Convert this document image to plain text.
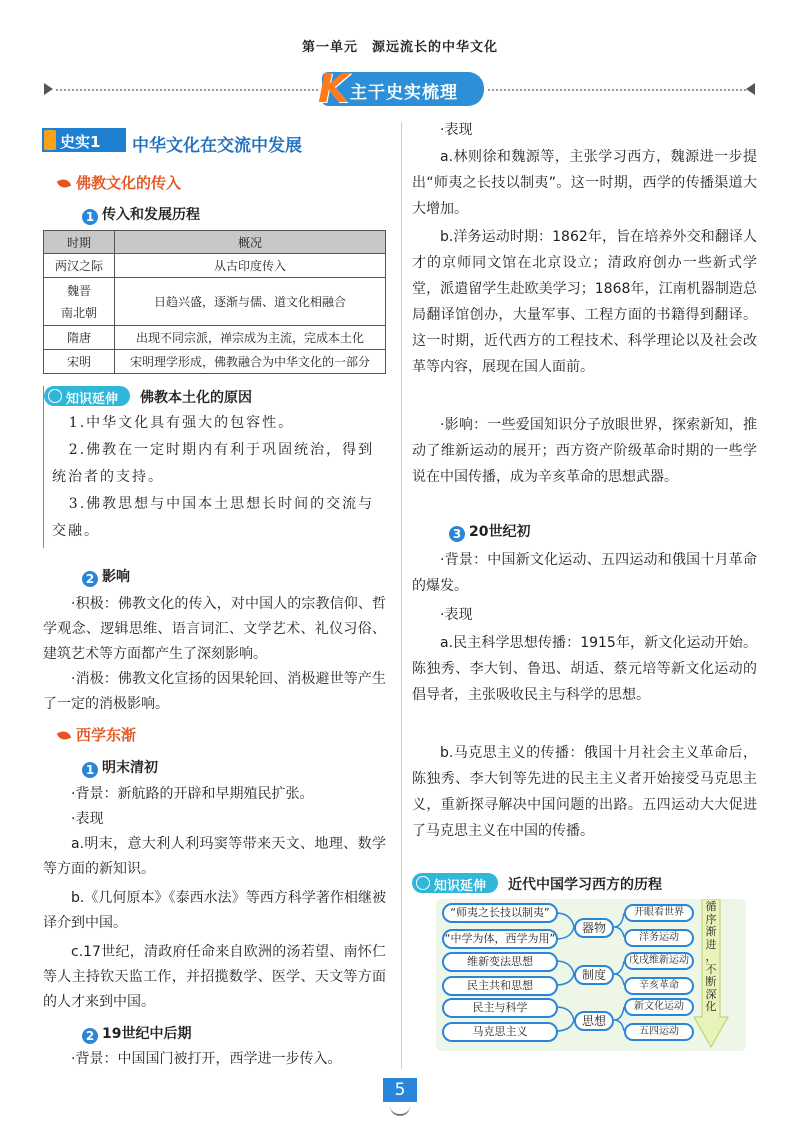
第一单元　源远流长的中华文化
K 主干史实梳理
史实1 中华文化在交流中发展
佛教文化的传入
1 传入和发展历程
时期	概况
两汉之际	从古印度传入
魏晋
南北朝	日趋兴盛，逐渐与儒、道文化相融合
隋唐	出现不同宗派，禅宗成为主流，完成本土化
宋明	宋明理学形成，佛教融合为中华文化的一部分
知识延伸 佛教本土化的原因
1.中华文化具有强大的包容性。
2.佛教在一定时期内有利于巩固统治，得到统治者的支持。
3.佛教思想与中国本土思想长时间的交流与交融。
2 影响
·积极：佛教文化的传入，对中国人的宗教信仰、哲学观念、逻辑思维、语言词汇、文学艺术、礼仪习俗、建筑艺术等方面都产生了深刻影响。
·消极：佛教文化宣扬的因果轮回、消极避世等产生了一定的消极影响。
西学东渐
1 明末清初
·背景：新航路的开辟和早期殖民扩张。
·表现
a.明末，意大利人利玛窦等带来天文、地理、数学等方面的新知识。
b.《几何原本》《泰西水法》等西方科学著作相继被译介到中国。
c.17世纪，清政府任命来自欧洲的汤若望、南怀仁等人主持钦天监工作，并招揽数学、医学、天文等方面的人才来到中国。
2 19世纪中后期
·背景：中国国门被打开，西学进一步传入。
·表现
a.林则徐和魏源等，主张学习西方，魏源进一步提出“师夷之长技以制夷”。这一时期，西学的传播渠道大大增加。
b.洋务运动时期：1862年，旨在培养外交和翻译人才的京师同文馆在北京设立；清政府创办一些新式学堂，派遣留学生赴欧美学习；1868年，江南机器制造总局翻译馆创办，大量军事、工程方面的书籍得到翻译。这一时期，近代西方的工程技术、科学理论以及社会改革等内容，展现在国人面前。
·影响：一些爱国知识分子放眼世界，探索新知，推动了维新运动的展开；西方资产阶级革命时期的一些学说在中国传播，成为辛亥革命的思想武器。
3 20世纪初
·背景：中国新文化运动、五四运动和俄国十月革命的爆发。
·表现
a.民主科学思想传播：1915年，新文化运动开始。陈独秀、李大钊、鲁迅、胡适、蔡元培等新文化运动的倡导者，主张吸收民主与科学的思想。
b.马克思主义的传播：俄国十月社会主义革命后，陈独秀、李大钊等先进的民主主义者开始接受马克思主义，重新探寻解决中国问题的出路。五四运动大大促进了马克思主义在中国的传播。
知识延伸 近代中国学习西方的历程
“师夷之长技以制夷”
“中学为体，西学为用”
维新变法思想
民主共和思想
民主与科学
马克思主义
器物
制度
思想
开眼看世界
洋务运动
戊戌维新运动
辛亥革命
新文化运动
五四运动
循
序
渐
进
，
不
断
深
化
5
